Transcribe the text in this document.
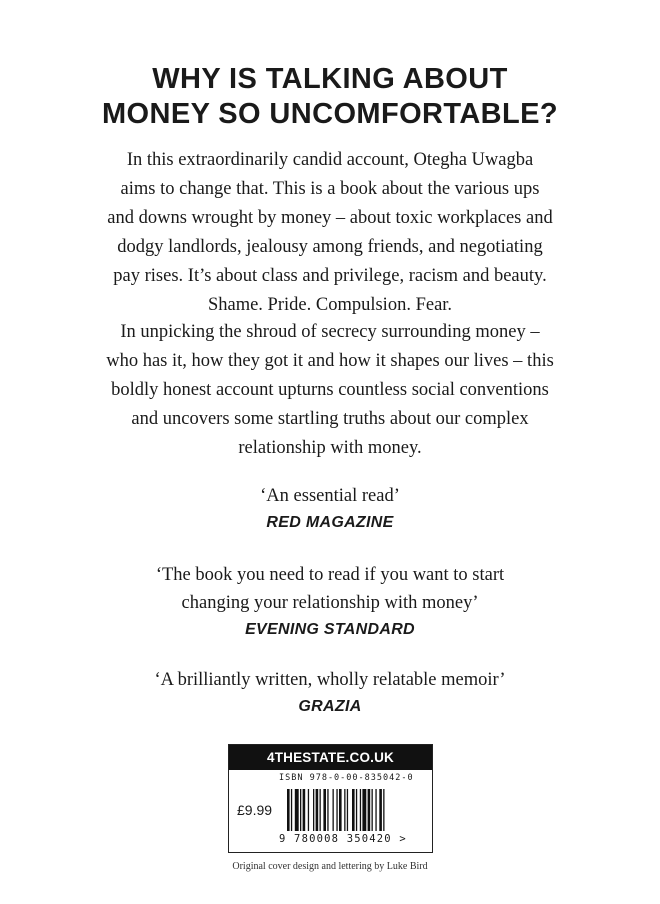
WHY IS TALKING ABOUT
MONEY SO UNCOMFORTABLE?
In this extraordinarily candid account, Otegha Uwagba
aims to change that. This is a book about the various ups
and downs wrought by money – about toxic workplaces and
dodgy landlords, jealousy among friends, and negotiating
pay rises. It’s about class and privilege, racism and beauty.
Shame. Pride. Compulsion. Fear.
In unpicking the shroud of secrecy surrounding money –
who has it, how they got it and how it shapes our lives – this
boldly honest account upturns countless social conventions
and uncovers some startling truths about our complex
relationship with money.
‘An essential read’
RED MAGAZINE
‘The book you need to read if you want to start
changing your relationship with money’
EVENING STANDARD
‘A brilliantly written, wholly relatable memoir’
GRAZIA
4THESTATE.CO.UK
ISBN 978-0-00-835042-0
£9.99
9 780008 350420 >
Original cover design and lettering by Luke Bird
